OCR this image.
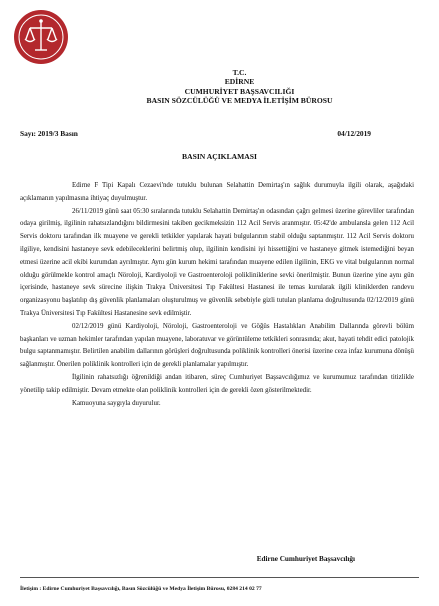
T.C.
EDİRNE
CUMHURİYET BAŞSAVCILIĞI
BASIN SÖZCÜLÜĞÜ VE MEDYA İLETİŞİM BÜROSU
Sayı: 2019/3 Basın	04/12/2019
BASIN AÇIKLAMASI

Edirne F Tipi Kapalı Cezaevi'nde tutuklu bulunan Selahattin Demirtaş'ın sağlık durumuyla ilgili olarak, aşağıdaki açıklamanın yapılmasına ihtiyaç duyulmuştur.

26/11/2019 günü saat 05:30 sıralarında tutuklu Selahattin Demirtaş'ın odasından çağrı gelmesi üzerine görevliler tarafından odaya girilmiş, ilgilinin rahatsızlandığını bildirmesini takiben gecikmeksizin 112 Acil Servis aranmıştır. 05:42'de ambulansla gelen 112 Acil Servis doktoru tarafından ilk muayene ve gerekli tetkikler yapılarak hayati bulgularının stabil olduğu saptanmıştır. 112 Acil Servis doktoru ilgiliye, kendisini hastaneye sevk edebileceklerini belirtmiş olup, ilgilinin kendisini iyi hissettiğini ve hastaneye gitmek istemediğini beyan etmesi üzerine acil ekibi kurumdan ayrılmıştır. Aynı gün kurum hekimi tarafından muayene edilen ilgilinin, EKG ve vital bulgularının normal olduğu görülmekle kontrol amaçlı Nöroloji, Kardiyoloji ve Gastroenteroloji polikliniklerine sevki önerilmiştir. Bunun üzerine yine aynı gün içerisinde, hastaneye sevk sürecine ilişkin Trakya Üniversitesi Tıp Fakültesi Hastanesi ile temas kurularak ilgili kliniklerden randevu organizasyonu başlatılıp dış güvenlik planlamaları oluşturulmuş ve güvenlik sebebiyle gizli tutulan planlama doğrultusunda 02/12/2019 günü Trakya Üniversitesi Tıp Fakültesi Hastanesine sevk edilmiştir.

02/12/2019 günü Kardiyoloji, Nöroloji, Gastroenteroloji ve Göğüs Hastalıkları Anabilim Dallarında görevli bölüm başkanları ve uzman hekimler tarafından yapılan muayene, laboratuvar ve görüntüleme tetkikleri sonrasında; akut, hayati tehdit edici patolojik bulgu saptanmamıştır. Belirtilen anabilim dallarının görüşleri doğrultusunda poliklinik kontrolleri önerisi üzerine ceza infaz kurumuna dönüşü sağlanmıştır. Önerilen poliklinik kontrolleri için de gerekli planlamalar yapılmıştır.

İlgilinin rahatsızlığı öğrenildiği andan itibaren, süreç Cumhuriyet Başsavcılığımız ve kurumumuz tarafından titizlikle yönetilip takip edilmiştir. Devam etmekte olan poliklinik kontrolleri için de gerekli özen gösterilmektedir.

Kamuoyuna saygıyla duyurulur.

Edirne Cumhuriyet Başsavcılığı
İletişim : Edirne Cumhuriyet Başsavcılığı, Basın Sözcülüğü ve Medya İletişim Bürosu, 0284 214 02 77
